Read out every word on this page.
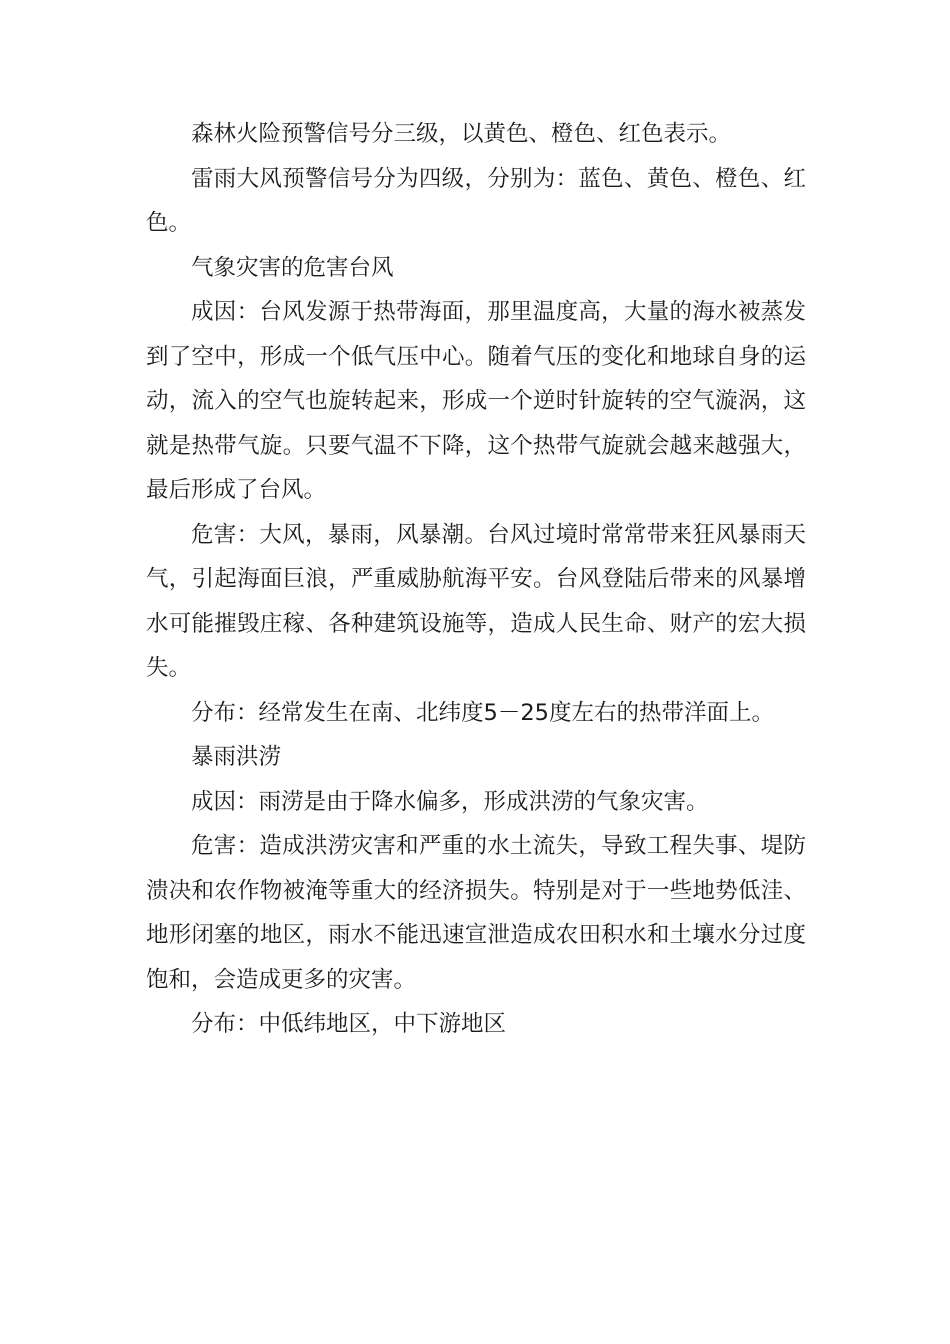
森林火险预警信号分三级，以黄色、橙色、红色表示。

雷雨大风预警信号分为四级，分别为：蓝色、黄色、橙色、红色。

气象灾害的危害台风

成因：台风发源于热带海面，那里温度高，大量的海水被蒸发到了空中，形成一个低气压中心。随着气压的变化和地球自身的运动，流入的空气也旋转起来，形成一个逆时针旋转的空气漩涡，这就是热带气旋。只要气温不下降，这个热带气旋就会越来越强大，最后形成了台风。

危害：大风，暴雨，风暴潮。台风过境时常常带来狂风暴雨天气，引起海面巨浪，严重威胁航海平安。台风登陆后带来的风暴增水可能摧毁庄稼、各种建筑设施等，造成人民生命、财产的宏大损失。

分布：经常发生在南、北纬度5－25度左右的热带洋面上。

暴雨洪涝

成因：雨涝是由于降水偏多，形成洪涝的气象灾害。

危害：造成洪涝灾害和严重的水土流失，导致工程失事、堤防溃决和农作物被淹等重大的经济损失。特别是对于一些地势低洼、地形闭塞的地区，雨水不能迅速宣泄造成农田积水和土壤水分过度饱和，会造成更多的灾害。

分布：中低纬地区，中下游地区
